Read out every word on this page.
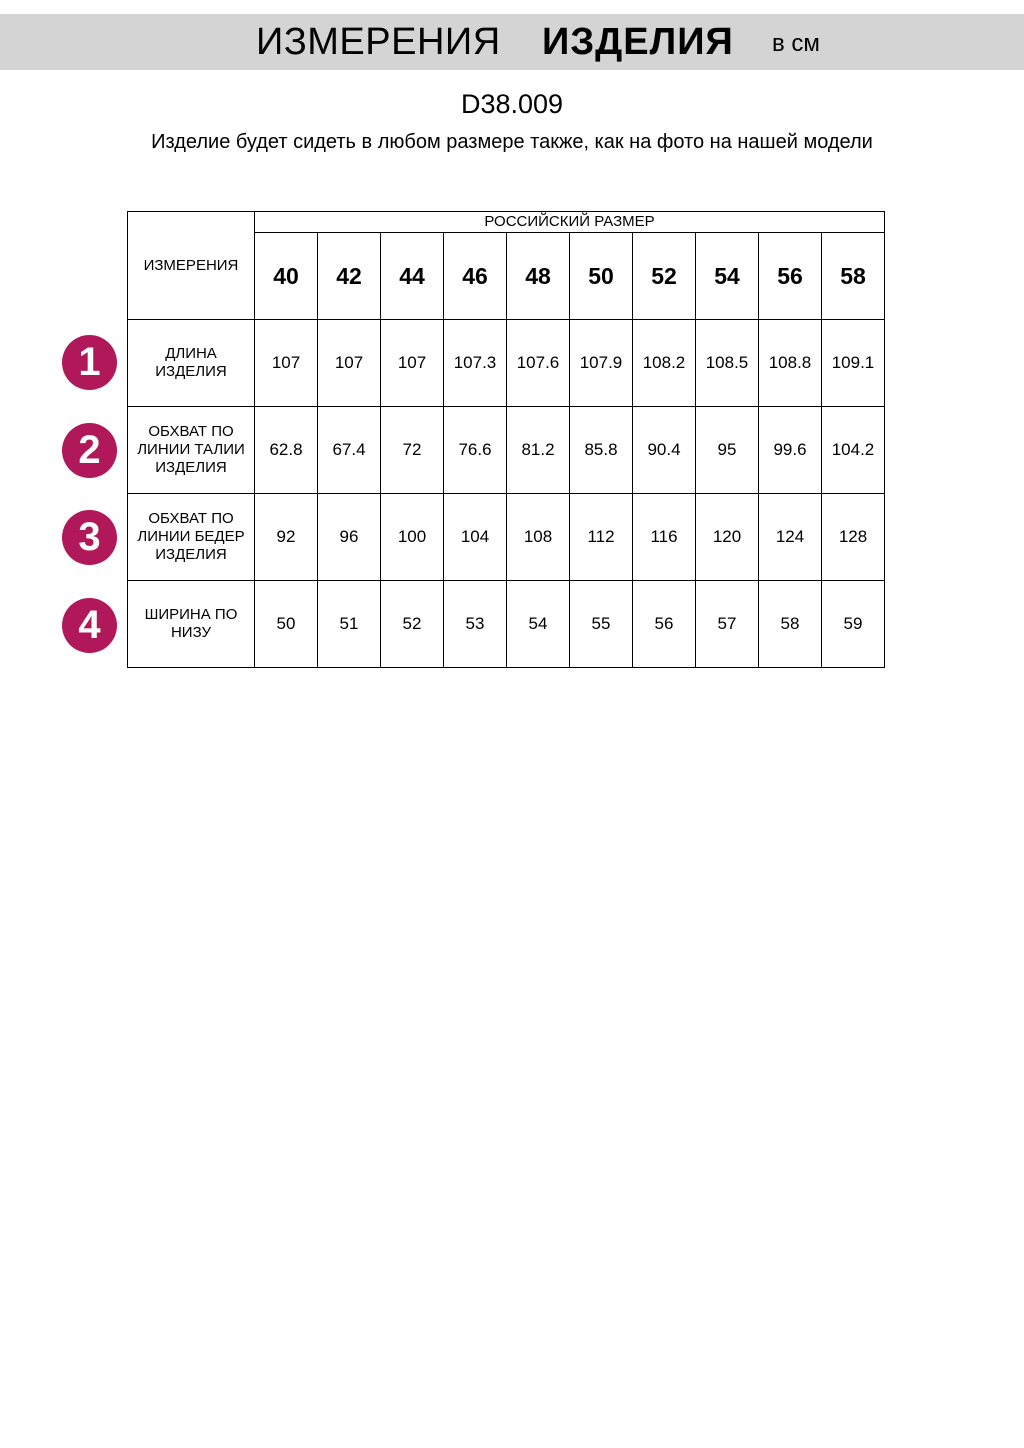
ИЗМЕРЕНИЯ ИЗДЕЛИЯ в см
D38.009
Изделие будет сидеть в любом размере также, как на фото на нашей модели
1
2
3
4
ИЗМЕРЕНИЯ	РОССИЙСКИЙ РАЗМЕР									
	40	42	44	46	48	50	52	54	56	58
ДЛИНА ИЗДЕЛИЯ	107	107	107	107.3	107.6	107.9	108.2	108.5	108.8	109.1
ОБХВАТ ПО ЛИНИИ ТАЛИИ ИЗДЕЛИЯ	62.8	67.4	72	76.6	81.2	85.8	90.4	95	99.6	104.2
ОБХВАТ ПО ЛИНИИ БЕДЕР ИЗДЕЛИЯ	92	96	100	104	108	112	116	120	124	128
ШИРИНА ПО НИЗУ	50	51	52	53	54	55	56	57	58	59
